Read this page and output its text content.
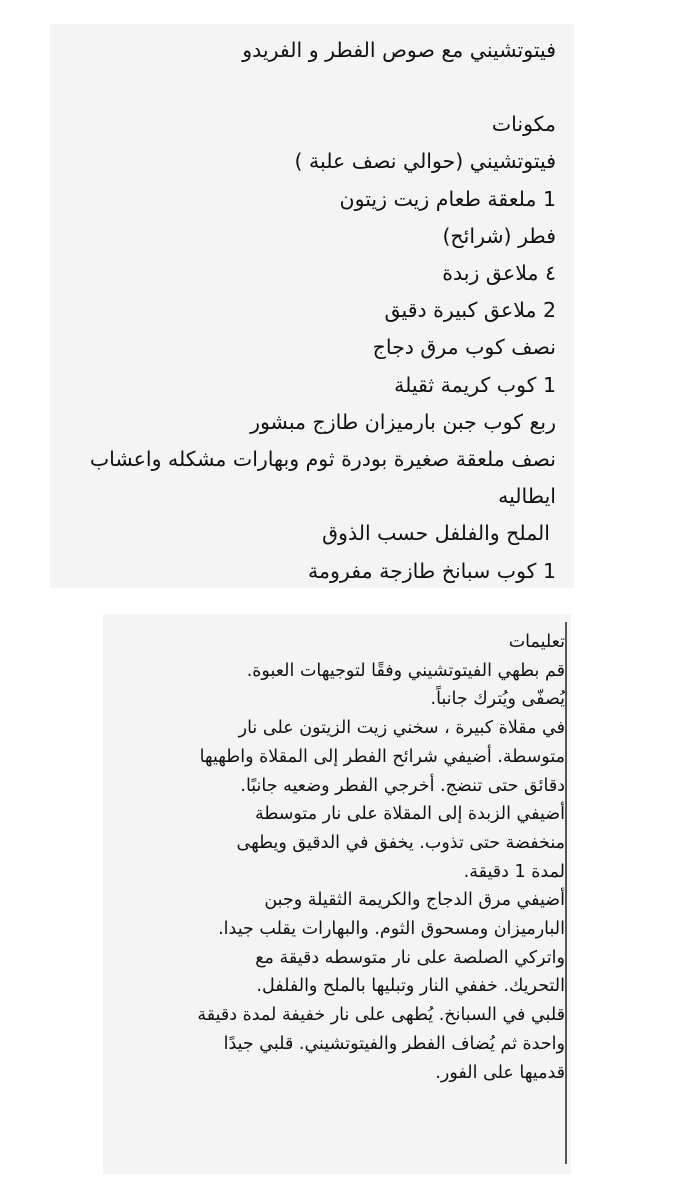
فيتوتشيني مع صوص الفطر و الفريدو
مكونات
فيتوتشيني (حوالي نصف علبة )
1 ملعقة طعام زيت زيتون
فطر (شرائح)
٤ ملاعق زبدة
2 ملاعق كبيرة دقيق
نصف كوب مرق دجاج
1 كوب كريمة ثقيلة
ربع كوب جبن بارميزان طازج مبشور
نصف ملعقة صغيرة بودرة ثوم وبهارات مشكله واعشاب ايطاليه
الملح والفلفل حسب الذوق
1 كوب سبانخ طازجة مفرومة
تعليمات
قم بطهي الفيتوتشيني وفقًا لتوجيهات العبوة.
يُصفّى ويُترك جانباً.
في مقلاة كبيرة ، سخني زيت الزيتون على نار
متوسطة. أضيفي شرائح الفطر إلى المقلاة واطهيها
دقائق حتى تنضج. أخرجي الفطر وضعيه جانبًا.
أضيفي الزبدة إلى المقلاة على نار متوسطة
منخفضة حتى تذوب. يخفق في الدقيق ويطهى
لمدة 1 دقيقة.
أضيفي مرق الدجاج والكريمة الثقيلة وجبن
البارميزان ومسحوق الثوم. والبهارات يقلب جيدا.
واتركي الصلصة على نار متوسطه دقيقة مع
التحريك. خففي النار وتبليها بالملح والفلفل.
قلبي في السبانخ. يُطهى على نار خفيفة لمدة دقيقة
واحدة ثم يُضاف الفطر والفيتوتشيني. قلبي جيدًا
قدميها على الفور.
